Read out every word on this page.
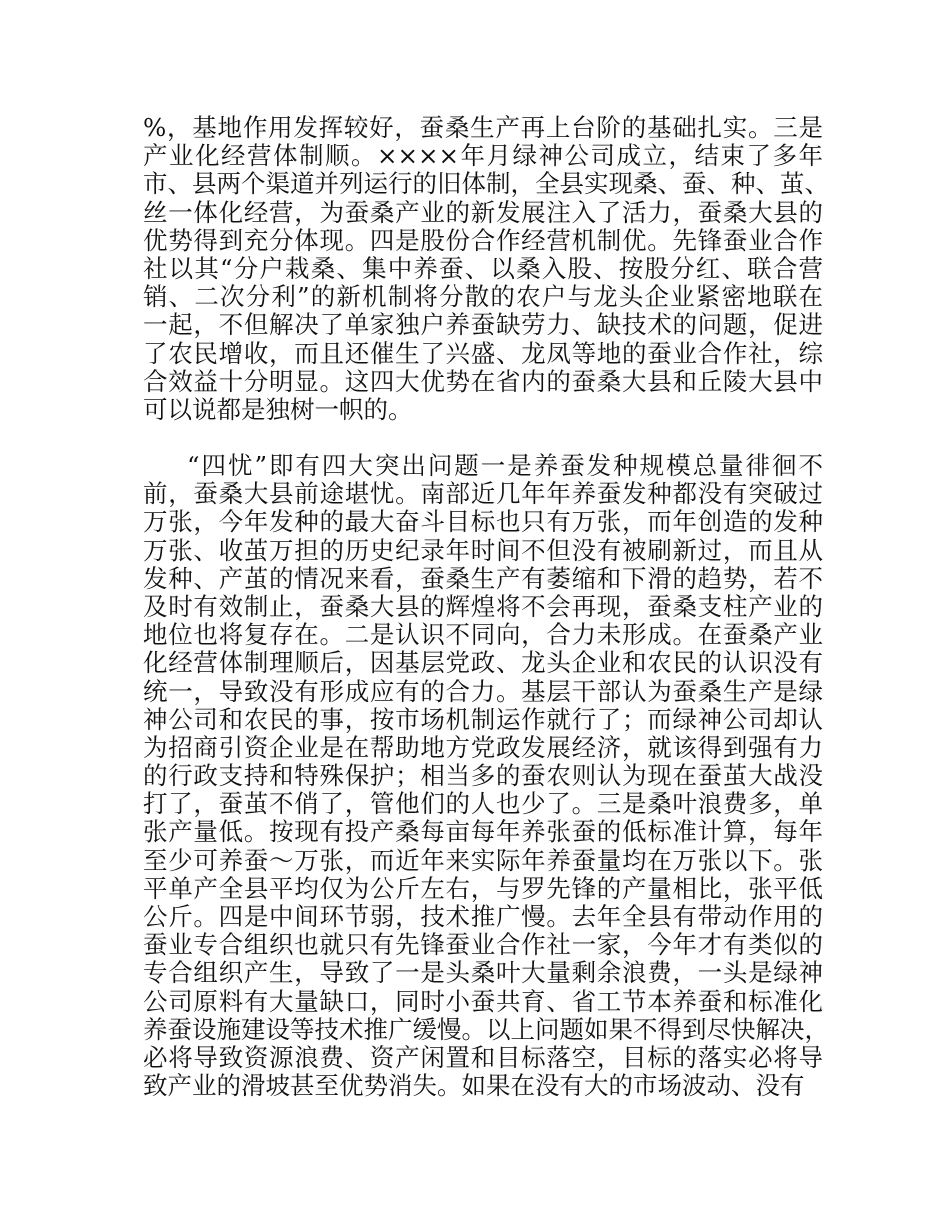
%，基地作用发挥较好，蚕桑生产再上台阶的基础扎实。三是
产业化经营体制顺。××××年月绿神公司成立，结束了多年
市、县两个渠道并列运行的旧体制，全县实现桑、蚕、种、茧、
丝一体化经营，为蚕桑产业的新发展注入了活力，蚕桑大县的
优势得到充分体现。四是股份合作经营机制优。先锋蚕业合作
社以其“分户栽桑、集中养蚕、以桑入股、按股分红、联合营
销、二次分利”的新机制将分散的农户与龙头企业紧密地联在
一起，不但解决了单家独户养蚕缺劳力、缺技术的问题，促进
了农民增收，而且还催生了兴盛、龙凤等地的蚕业合作社，综
合效益十分明显。这四大优势在省内的蚕桑大县和丘陵大县中
可以说都是独树一帜的。
“四忧”即有四大突出问题一是养蚕发种规模总量徘徊不
前，蚕桑大县前途堪忧。南部近几年年养蚕发种都没有突破过
万张，今年发种的最大奋斗目标也只有万张，而年创造的发种
万张、收茧万担的历史纪录年时间不但没有被刷新过，而且从
发种、产茧的情况来看，蚕桑生产有萎缩和下滑的趋势，若不
及时有效制止，蚕桑大县的辉煌将不会再现，蚕桑支柱产业的
地位也将复存在。二是认识不同向，合力未形成。在蚕桑产业
化经营体制理顺后，因基层党政、龙头企业和农民的认识没有
统一，导致没有形成应有的合力。基层干部认为蚕桑生产是绿
神公司和农民的事，按市场机制运作就行了；而绿神公司却认
为招商引资企业是在帮助地方党政发展经济，就该得到强有力
的行政支持和特殊保护；相当多的蚕农则认为现在蚕茧大战没
打了，蚕茧不俏了，管他们的人也少了。三是桑叶浪费多，单
张产量低。按现有投产桑每亩每年养张蚕的低标准计算，每年
至少可养蚕～万张，而近年来实际年养蚕量均在万张以下。张
平单产全县平均仅为公斤左右，与罗先锋的产量相比，张平低
公斤。四是中间环节弱，技术推广慢。去年全县有带动作用的
蚕业专合组织也就只有先锋蚕业合作社一家，今年才有类似的
专合组织产生，导致了一是头桑叶大量剩余浪费，一头是绿神
公司原料有大量缺口，同时小蚕共育、省工节本养蚕和标准化
养蚕设施建设等技术推广缓慢。以上问题如果不得到尽快解决，
必将导致资源浪费、资产闲置和目标落空，目标的落实必将导
致产业的滑坡甚至优势消失。如果在没有大的市场波动、没有
